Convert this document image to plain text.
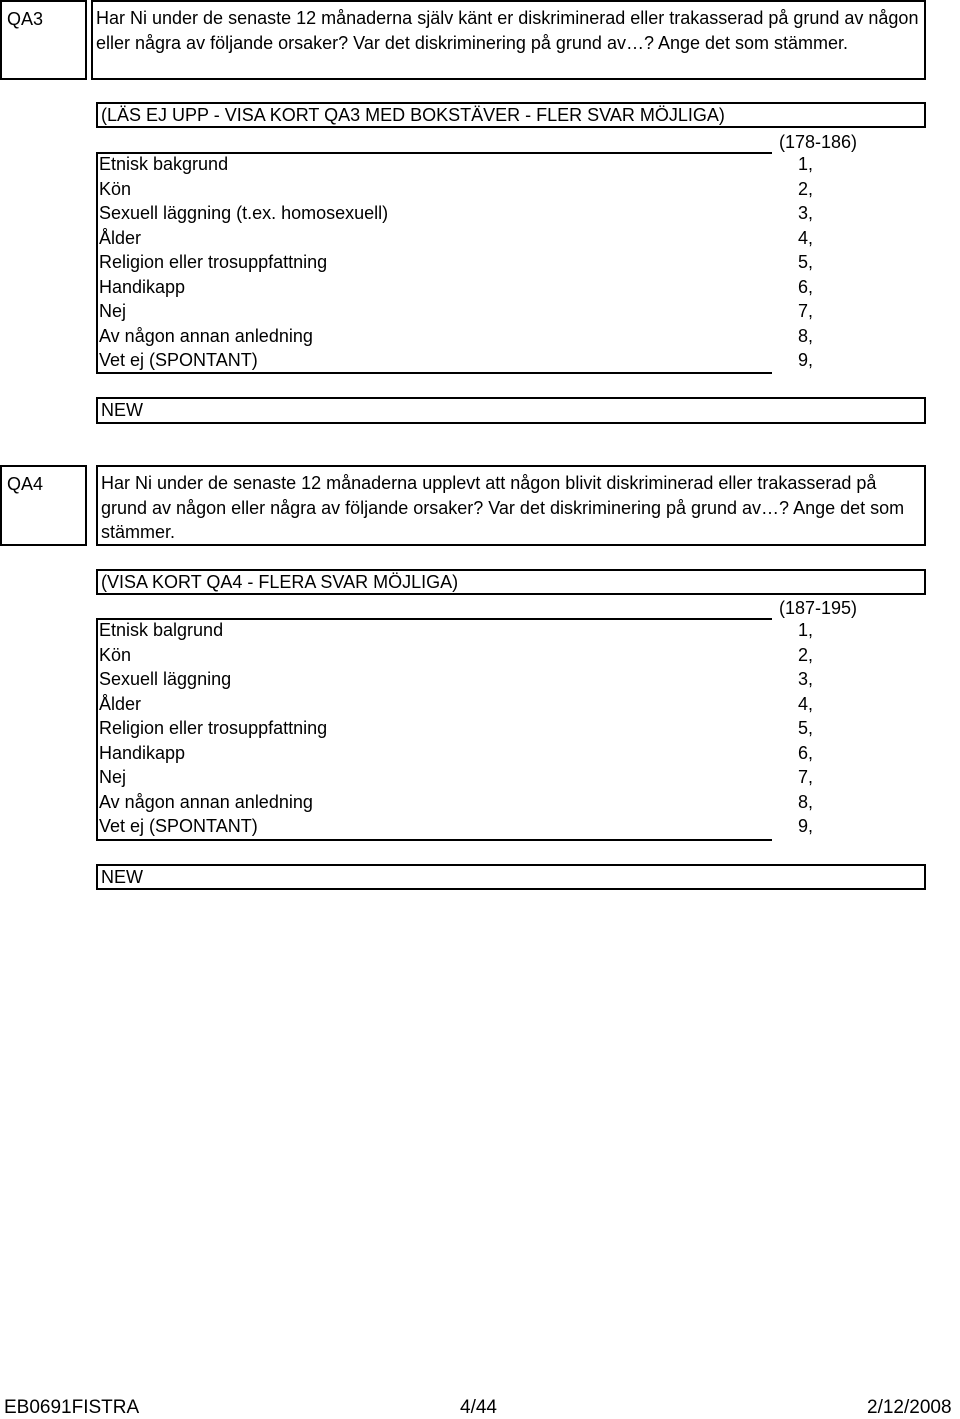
QA3	Har Ni under de senaste 12 månaderna själv känt er diskriminerad eller trakasserad på grund av någon eller några av följande orsaker? Var det diskriminering på grund av…? Ange det som stämmer.
(LÄS EJ UPP - VISA KORT QA3 MED BOKSTÄVER - FLER SVAR MÖJLIGA)
(178-186)
Etnisk bakgrund	1,
Kön	2,
Sexuell läggning (t.ex. homosexuell)	3,
Ålder	4,
Religion eller trosuppfattning	5,
Handikapp	6,
Nej	7,
Av någon annan anledning	8,
Vet ej (SPONTANT)	9,
NEW
QA4	Har Ni under de senaste 12 månaderna upplevt att någon blivit diskriminerad eller trakasserad på grund av någon eller några av följande orsaker? Var det diskriminering på grund av…? Ange det som stämmer.
(VISA KORT QA4 - FLERA SVAR MÖJLIGA)
(187-195)
Etnisk balgrund	1,
Kön	2,
Sexuell läggning	3,
Ålder	4,
Religion eller trosuppfattning	5,
Handikapp	6,
Nej	7,
Av någon annan anledning	8,
Vet ej (SPONTANT)	9,
NEW
EB0691FISTRA	4/44	2/12/2008
